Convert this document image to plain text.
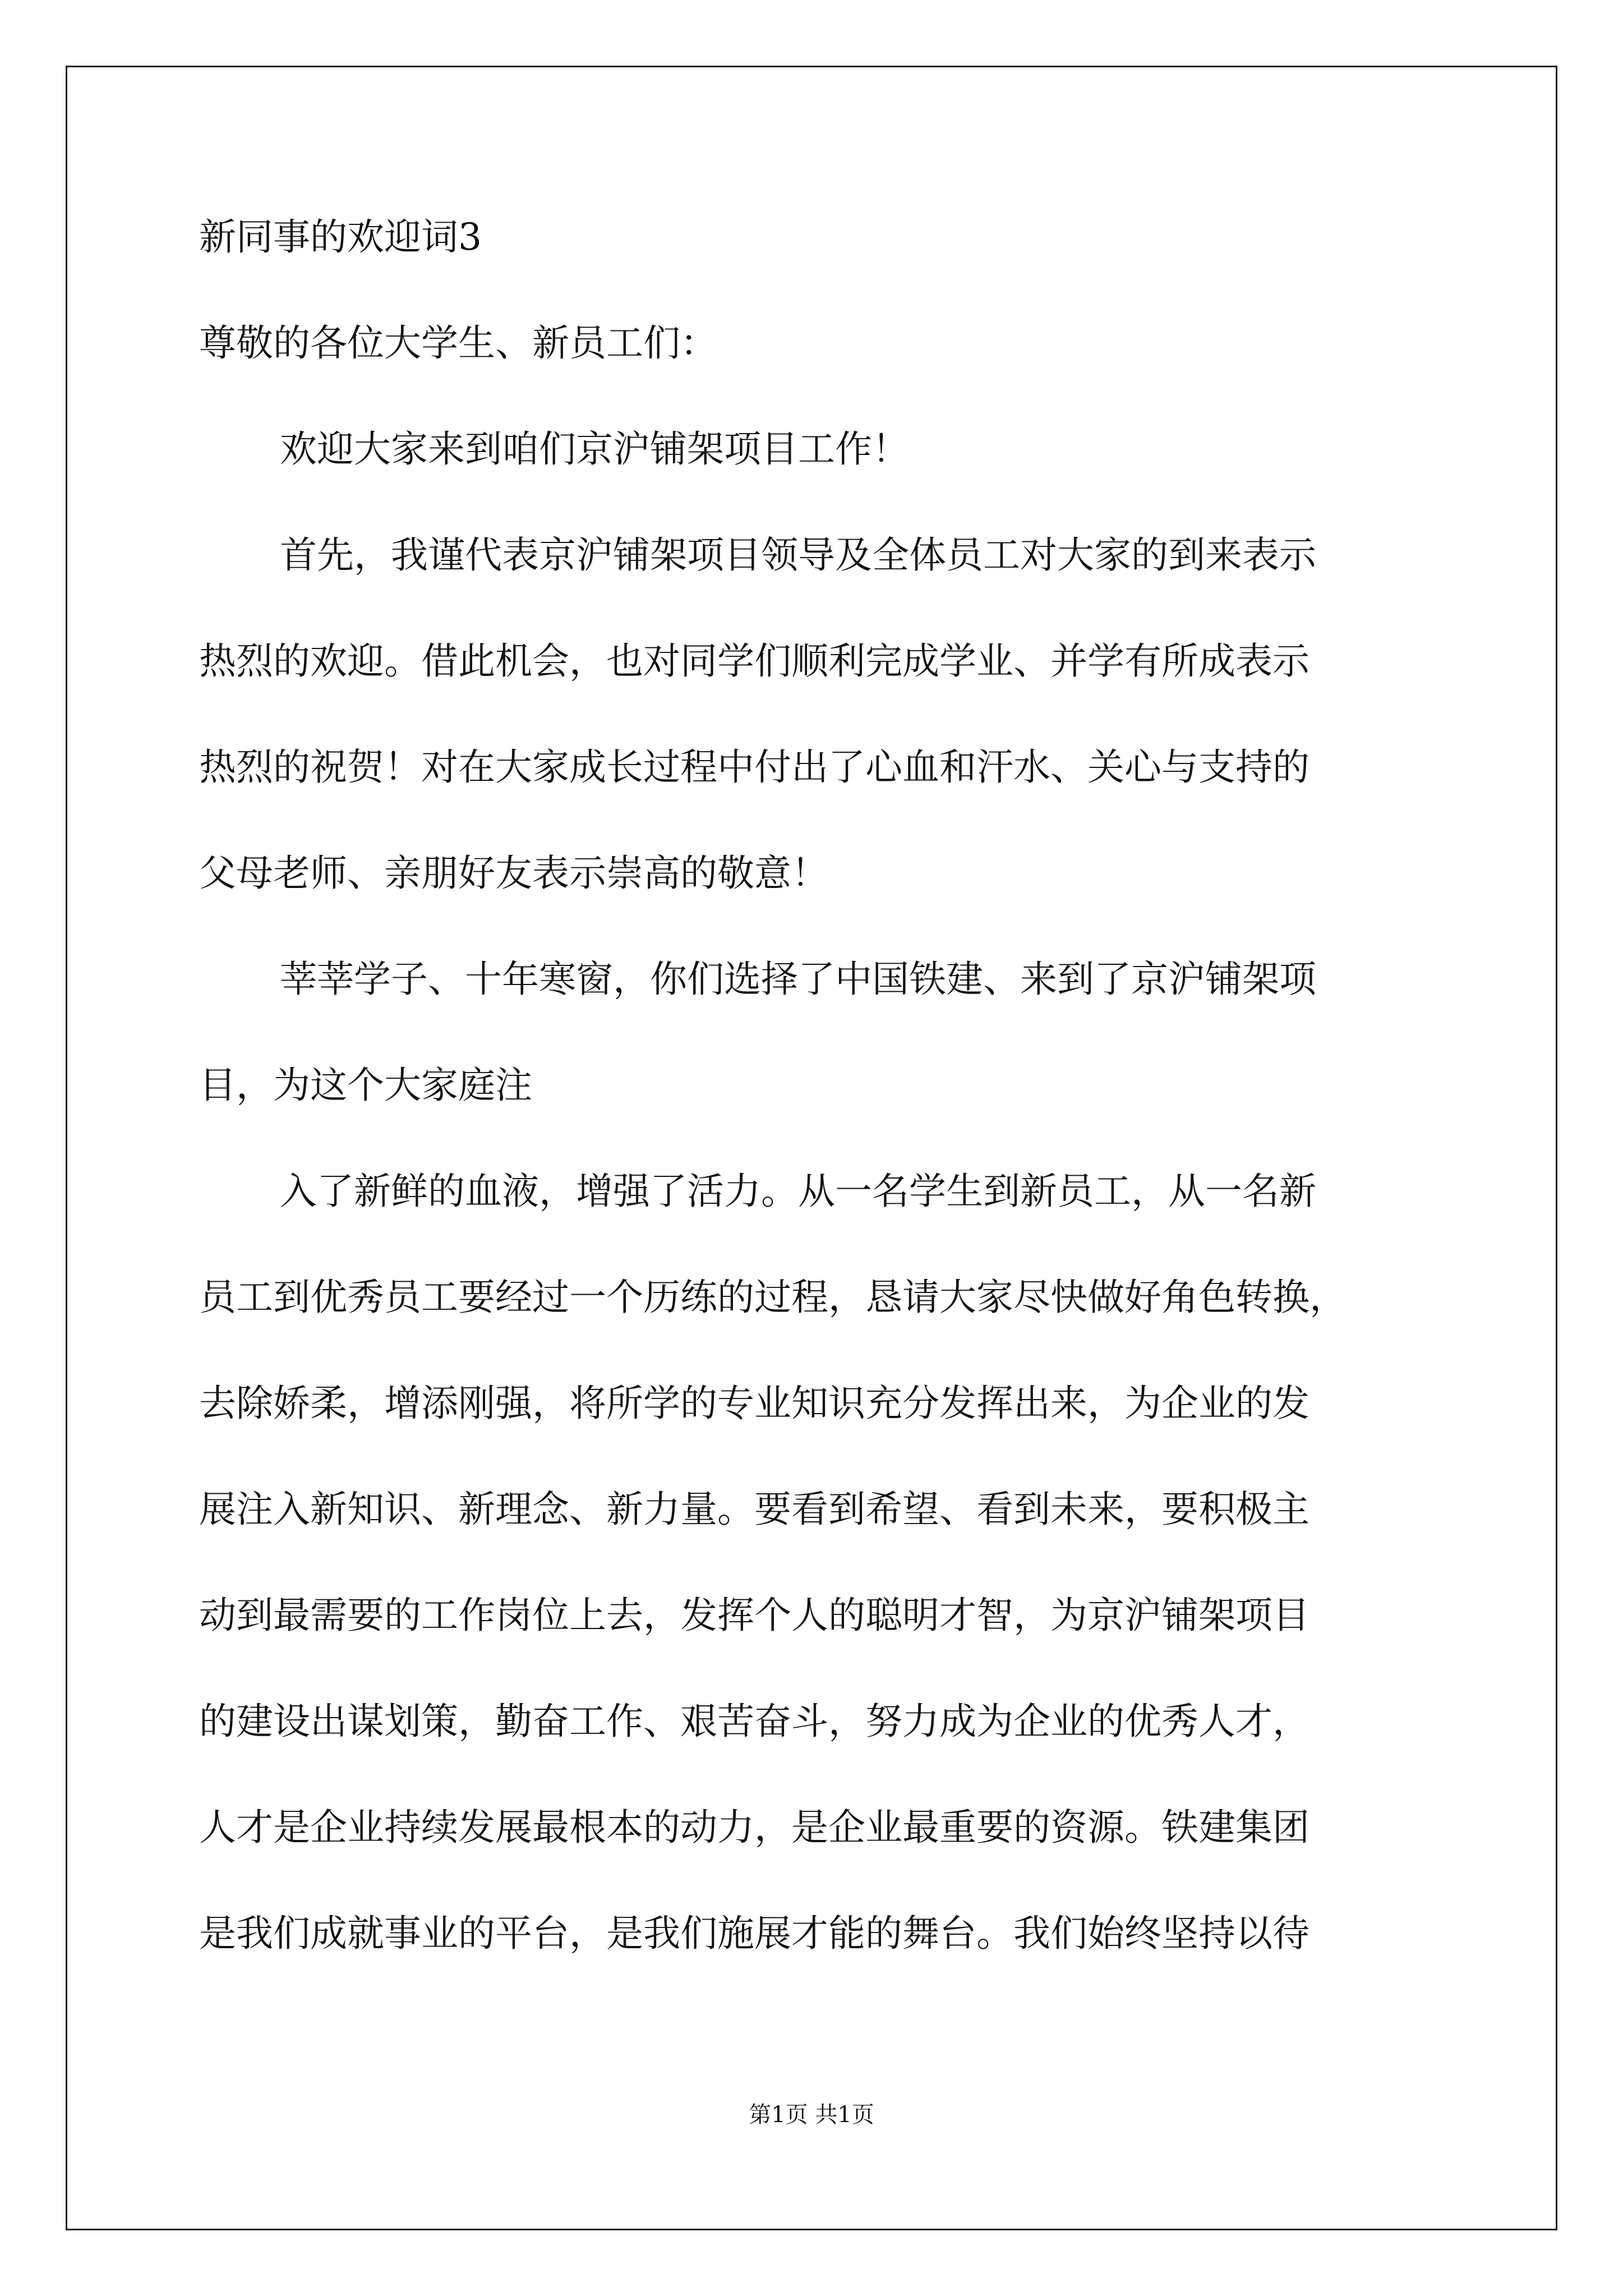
新同事的欢迎词3

尊敬的各位大学生、新员工们：

欢迎大家来到咱们京沪铺架项目工作！
首先，我谨代表京沪铺架项目领导及全体员工对大家的到来表示
热烈的欢迎。借此机会，也对同学们顺利完成学业、并学有所成表示
热烈的祝贺！对在大家成长过程中付出了心血和汗水、关心与支持的
父母老师、亲朋好友表示崇高的敬意！
莘莘学子、十年寒窗，你们选择了中国铁建、来到了京沪铺架项
目，为这个大家庭注
入了新鲜的血液，增强了活力。从一名学生到新员工，从一名新
员工到优秀员工要经过一个历练的过程，恳请大家尽快做好角色转换，
去除娇柔，增添刚强，将所学的专业知识充分发挥出来，为企业的发
展注入新知识、新理念、新力量。要看到希望、看到未来，要积极主
动到最需要的工作岗位上去，发挥个人的聪明才智，为京沪铺架项目
的建设出谋划策，勤奋工作、艰苦奋斗，努力成为企业的优秀人才，
人才是企业持续发展最根本的动力，是企业最重要的资源。铁建集团
是我们成就事业的平台，是我们施展才能的舞台。我们始终坚持以待
第1页 共1页
